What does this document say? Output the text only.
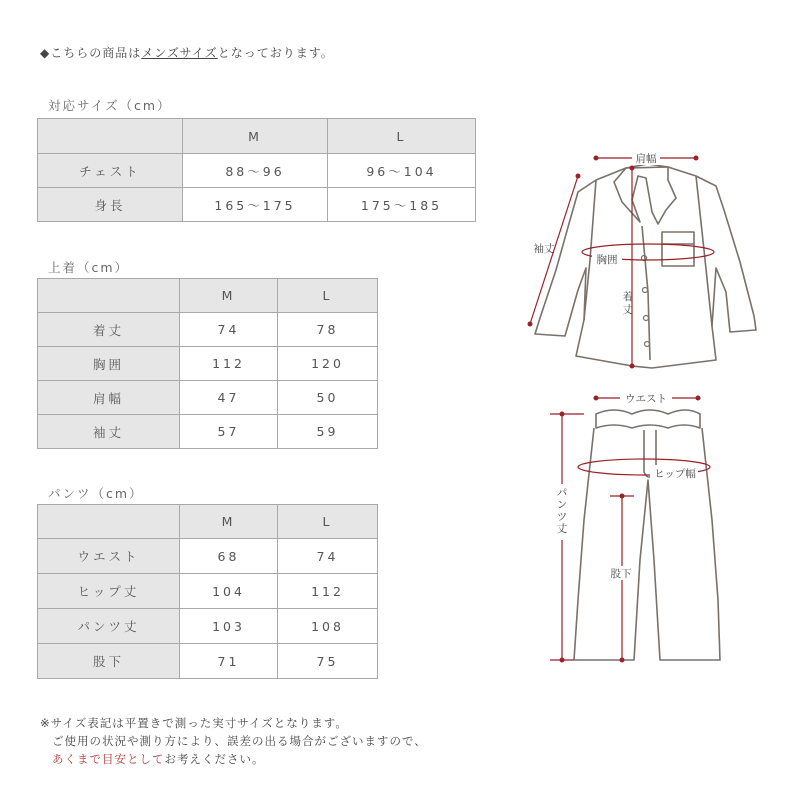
◆こちらの商品はメンズサイズとなっております。
対応サイズ（cm）
	M	L
チェスト	88〜96	96〜104
身長	165〜175	175〜185
上着（cm）
	M	L
着丈	74	78
胸囲	112	120
肩幅	47	50
袖丈	57	59
パンツ（cm）
	M	L
ウエスト	68	74
ヒップ丈	104	112
パンツ丈	103	108
股下	71	75
肩幅
袖丈
胸囲
着丈
ウエスト
ヒップ幅
パンツ丈
股下
※サイズ表記は平置きで測った実寸サイズとなります。
ご使用の状況や測り方により、誤差の出る場合がございますので、
あくまで目安としてお考えください。
